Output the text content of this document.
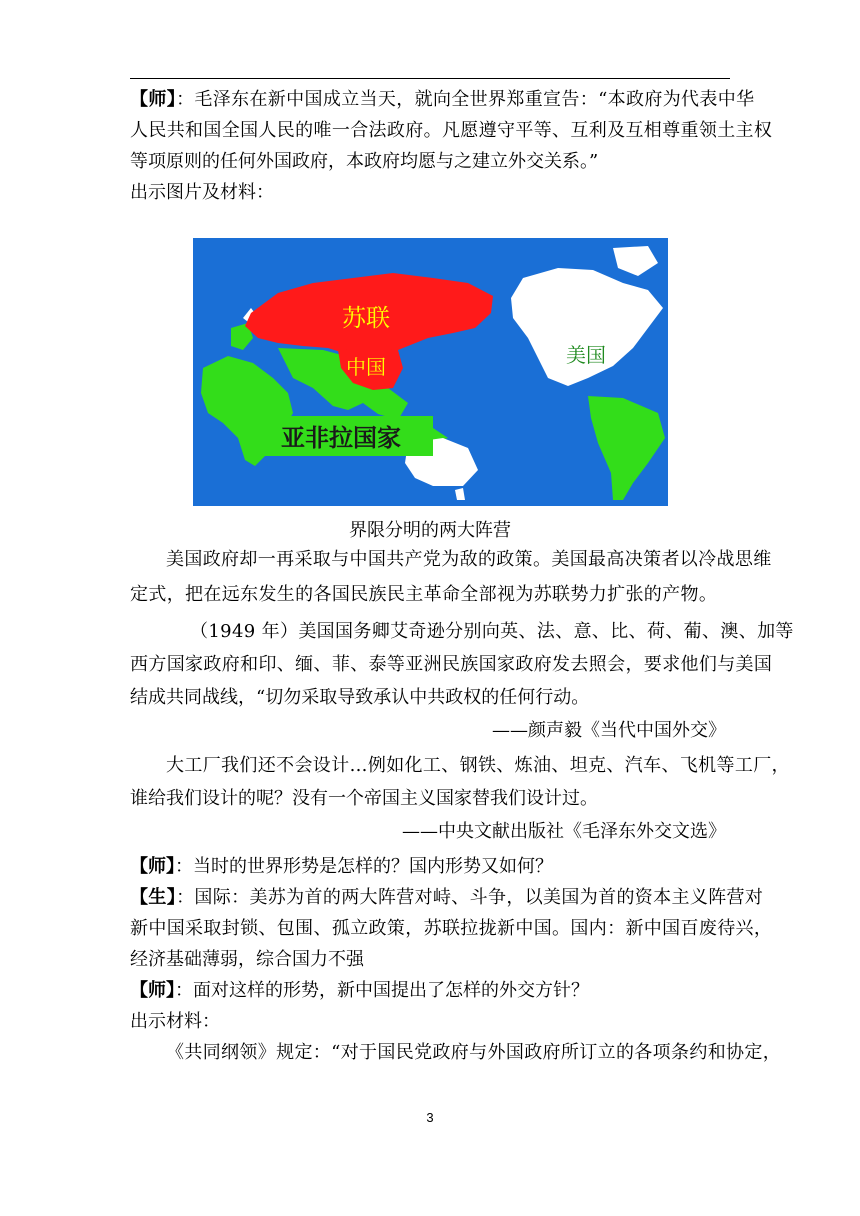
【师】：毛泽东在新中国成立当天，就向全世界郑重宣告：“本政府为代表中华
人民共和国全国人民的唯一合法政府。凡愿遵守平等、互利及互相尊重领土主权
等项原则的任何外国政府，本政府均愿与之建立外交关系。”
出示图片及材料：
亚非拉国家
苏联
中国	美国
界限分明的两大阵营
美国政府却一再采取与中国共产党为敌的政策。美国最高决策者以冷战思维
定式，把在远东发生的各国民族民主革命全部视为苏联势力扩张的产物。
（1949 年）美国国务卿艾奇逊分别向英、法、意、比、荷、葡、澳、加等
西方国家政府和印、缅、菲、泰等亚洲民族国家政府发去照会，要求他们与美国
结成共同战线，“切勿采取导致承认中共政权的任何行动。
——颜声毅《当代中国外交》
大工厂我们还不会设计…例如化工、钢铁、炼油、坦克、汽车、飞机等工厂，
谁给我们设计的呢？没有一个帝国主义国家替我们设计过。
——中央文献出版社《毛泽东外交文选》
【师】：当时的世界形势是怎样的？国内形势又如何？
【生】：国际：美苏为首的两大阵营对峙、斗争，以美国为首的资本主义阵营对
新中国采取封锁、包围、孤立政策，苏联拉拢新中国。国内：新中国百废待兴，
经济基础薄弱，综合国力不强
【师】：面对这样的形势，新中国提出了怎样的外交方针？
出示材料：
《共同纲领》规定：“对于国民党政府与外国政府所订立的各项条约和协定，
3
